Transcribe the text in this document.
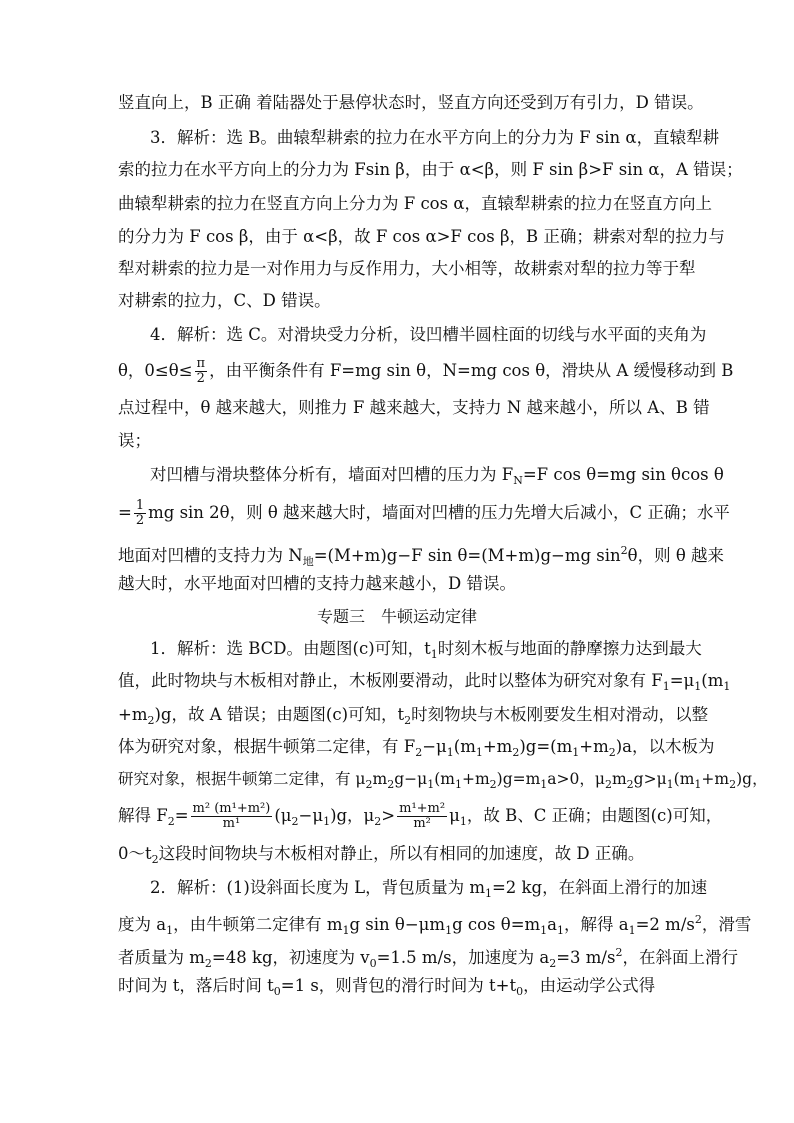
竖直向上，B 正确 着陆器处于悬停状态时，竖直方向还受到万有引力，D 错误。
3．解析：选 B。曲辕犁耕索的拉力在水平方向上的分力为 F sin α，直辕犁耕
索的拉力在水平方向上的分力为 Fsin β，由于 α<β，则 F sin β>F sin α，A 错误；
曲辕犁耕索的拉力在竖直方向上分力为 F cos α，直辕犁耕索的拉力在竖直方向上
的分力为 F cos β，由于 α<β，故 F cos α>F cos β，B 正确；耕索对犁的拉力与
犁对耕索的拉力是一对作用力与反作用力，大小相等，故耕索对犁的拉力等于犁
对耕索的拉力，C、D 错误。
4．解析：选 C。对滑块受力分析，设凹槽半圆柱面的切线与水平面的夹角为
θ，$0\le\theta\le \frac{\pi}{2}$ ，由平衡条件有 F=mg sin θ，N=mg cos θ，滑块从 A 缓慢移动到 B
点过程中，θ 越来越大，则推力 F 越来越大，支持力 N 越来越小，所以 A、B 错
误；
对凹槽与滑块整体分析有，墙面对凹槽的压力为 $F_N=F$ cos θ=mg sin θcos θ
= $\frac{1}{2}$ mg sin 2θ，则 θ 越来越大时，墙面对凹槽的压力先增大后减小，C 正确；水平
地面对凹槽的支持力为 $N_地=(M+m)g-F$ sin θ=(M+m)g−mg $\sin^2\theta$，则 θ 越来
越大时，水平地面对凹槽的支持力越来越小，D 错误。
专题三　牛顿运动定律
1．解析：选 BCD。由题图(c)可知，$t_1$时刻木板与地面的静摩擦力达到最大
值，此时物块与木板相对静止，木板刚要滑动，此时以整体为研究对象有 $F_1=\mu_1(m_1$
$+m_2)g$，故 A 错误；由题图(c)可知，$t_2$时刻物块与木板刚要发生相对滑动，以整
体为研究对象，根据牛顿第二定律，有 $F_2-\mu_1(m_1+m_2)g=(m_1+m_2)a$，以木板为
研究对象，根据牛顿第二定律，有 $\mu_2m_2g-\mu_1(m_1+m_2)g=m_1a>0$，$\mu_2m_2g>\mu_1(m_1+m_2)g$，
解得 $F_2= \frac{\text{m² (m¹+m²)}}{\text{m¹}} (\mu_2-\mu_1)g$，$\mu_2> \frac{\text{m¹+m²}}{\text{m²}} \mu_1$，故 B、C 正确；由题图(c)可知，
$0\sim t_2$这段时间物块与木板相对静止，所以有相同的加速度，故 D 正确。
2．解析：(1)设斜面长度为 L，背包质量为 $m_1=2$ kg，在斜面上滑行的加速
度为 $a_1$，由牛顿第二定律有 $m_1g$ $\sin \theta-\mu m_1g$ $\cos \theta=m_1a_1$，解得 $a_1=2$ $m/s^2$，滑雪
者质量为 $m_2=48$ kg，初速度为 $v_0=1.5$ m/s，加速度为 $a_2=3$ $m/s^2$，在斜面上滑行
时间为 t，落后时间 $t_0=1$ s，则背包的滑行时间为 $t+t_0$，由运动学公式得
